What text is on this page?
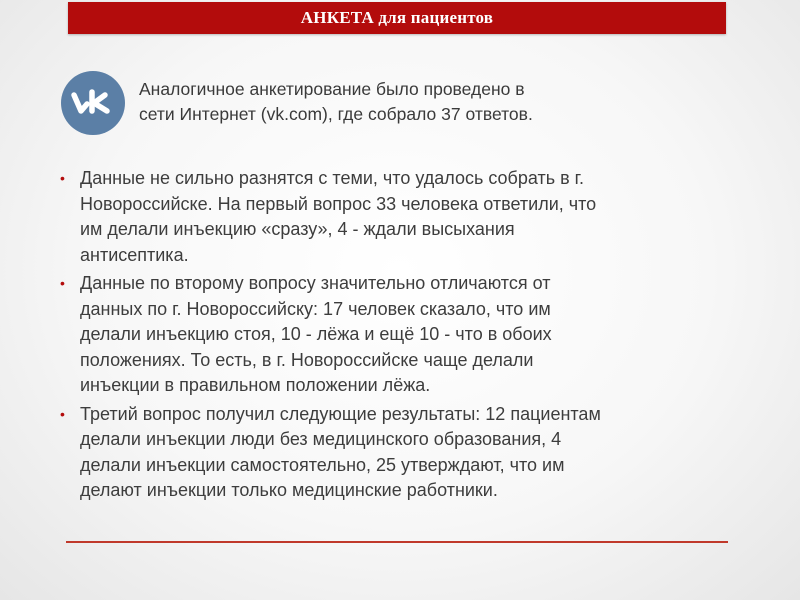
АНКЕТА для пациентов
Аналогичное анкетирование было проведено в
сети Интернет (vk.com), где собрало 37 ответов.
• Данные не сильно разнятся с теми, что удалось собрать в г.
Новороссийске. На первый вопрос 33 человека ответили, что
им делали инъекцию «сразу», 4 - ждали высыхания
антисептика.
• Данные по второму вопросу значительно отличаются от
данных по г. Новороссийску: 17 человек сказало, что им
делали инъекцию стоя, 10 - лёжа и ещё 10 - что в обоих
положениях. То есть, в г. Новороссийске чаще делали
инъекции в правильном положении лёжа.
• Третий вопрос получил следующие результаты: 12 пациентам
делали инъекции люди без медицинского образования, 4
делали инъекции самостоятельно, 25 утверждают, что им
делают инъекции только медицинские работники.
